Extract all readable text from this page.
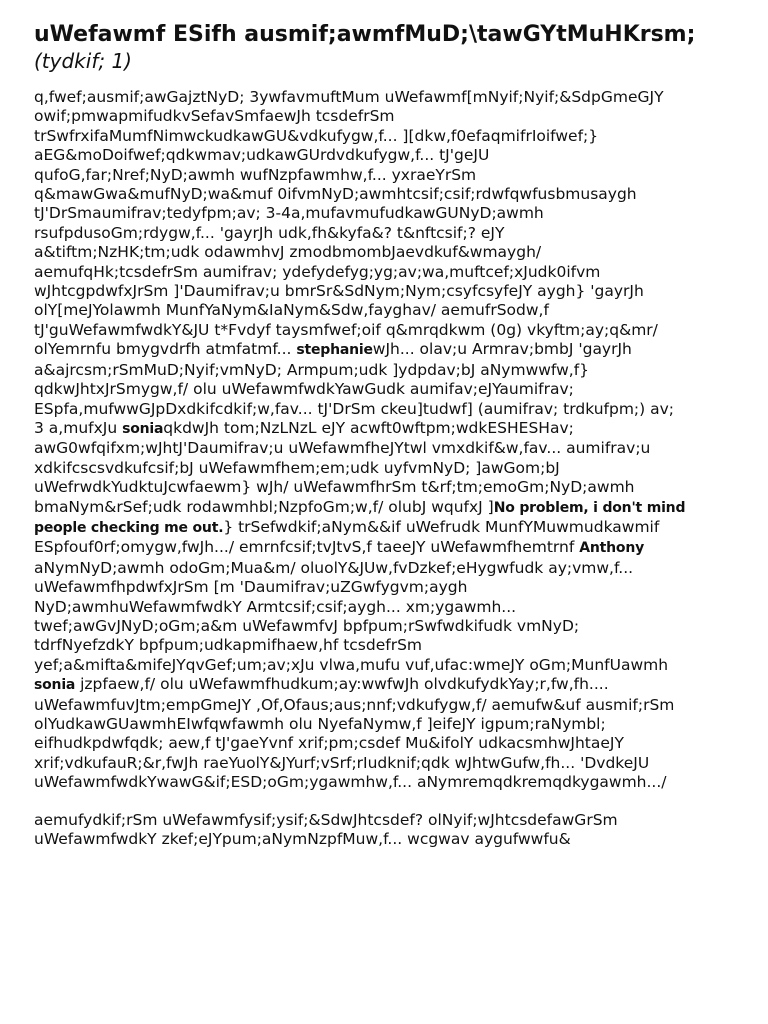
uWefawmf ESifh ausmif;awmfMuD;\tawGYtMuHKrsm;
(tydkif; 1)
q,fwef;ausmif;awGajztNyD; 3ywfavmuftMum uWefawmf[mNyif;Nyif;&SdpGmeGJY
owif;pmwapmifudkvSefavSmfaewJh tcsdefrSm
trSwfrxifaMumfNimwckudkawGU&vdkufygw,f... ][dkw,f0efaqmifrIoifwef;}
aEG&moDoifwef;qdkwmav;udkawGUrdvdkufygw,f... tJ'geJU
qufoG,far;Nref;NyD;awmh wufNzpfawmhw,f... yxraeYrSm
q&mawGwa&mufNyD;wa&muf 0ifvmNyD;awmhtcsif;csif;rdwfqwfusbmusaygh
tJ'DrSmaumifrav;tedyfpm;av; 3-4a,mufavmufudkawGUNyD;awmh
rsufpdusoGm;rdygw,f... 'gayrJh udk,fh&kyfa&? t&nftcsif;? eJY
a&tiftm;NzHK;tm;udk odawmhvJ zmodbmombJaevdkuf&wmaygh/
aemufqHk;tcsdefrSm aumifrav; ydefydefyg;yg;av;wa,muftcef;xJudk0ifvm
wJhtcgpdwfxJrSm ]'Daumifrav;u bmrSr&SdNym;Nym;csyfcsyfeJY aygh} 'gayrJh
olY[meJYolawmh MunfYaNym&IaNym&Sdw,fayghav/ aemufrSodw,f
tJ'guWefawmfwdkY&JU t*Fvdyf taysmfwef;oif q&mrqdkwm (0g) vkyftm;ay;q&mr/
olYemrnfu bmygvdrfh atmfatmf... stephaniewJh... olav;u Armrav;bmbJ 'gayrJh
a&ajrcsm;rSmMuD;Nyif;vmNyD; Armpum;udk ]ydpdav;bJ aNymwwfw,f}
qdkwJhtxJrSmygw,f/ olu uWefawmfwdkYawGudk aumifav;eJYaumifrav;
ESpfa,mufwwGJpDxdkifcdkif;w,fav... tJ'DrSm ckeu]tudwf] (aumifrav; trdkufpm;) av;
3 a,mufxJu soniaqkdwJh tom;NzLNzL eJY acwft0wftpm;wdkESHESHav;
awG0wfqifxm;wJhtJ'Daumifrav;u uWefawmfheJYtwl vmxdkif&w,fav... aumifrav;u
xdkifcscsvdkufcsif;bJ uWefawmfhem;em;udk uyfvmNyD; ]awGom;bJ
uWefrwdkYudktuJcwfaewm} wJh/ uWefawmfhrSm t&rf;tm;emoGm;NyD;awmh
bmaNym&rSef;udk rodawmhbl;NzpfoGm;w,f/ olubJ wqufxJ ]No problem, i don't mind
people checking me out.} trSefwdkif;aNym&&if uWefrudk MunfYMuwmudkawmif
ESpfouf0rf;omygw,fwJh.../ emrnfcsif;tvJtvS,f taeeJY uWefawmfhemtrnf Anthony
aNymNyD;awmh odoGm;Mua&m/ oluolY&JUw,fvDzkef;eHygwfudk ay;vmw,f...
uWefawmfhpdwfxJrSm [m 'Daumifrav;uZGwfygvm;aygh
NyD;awmhuWefawmfwdkY Armtcsif;csif;aygh... xm;ygawmh...
twef;awGvJNyD;oGm;a&m uWefawmfvJ bpfpum;rSwfwdkifudk vmNyD;
tdrfNyefzdkY bpfpum;udkapmifhaew,hf tcsdefrSm
yef;a&mifta&mifeJYqvGef;um;av;xJu vlwa,mufu vuf,ufac:wmeJY oGm;MunfUawmh
sonia jzpfaew,f/ olu uWefawmfhudkum;ay:wwfwJh olvdkufydkYay;r,fw,fh....
uWefawmfuvJtm;empGmeJY ,Of,Ofaus;aus;nnf;vdkufygw,f/ aemufw&uf ausmif;rSm
olYudkawGUawmhEIwfqwfawmh olu NyefaNymw,f ]eifeJY igpum;raNymbl;
eifhudkpdwfqdk; aew,f tJ'gaeYvnf xrif;pm;csdef Mu&ifolY udkacsmhwJhtaeJY
xrif;vdkufauR;&r,fwJh raeYuolY&JYurf;vSrf;rIudknif;qdk wJhtwGufw,fh... 'DvdkeJU
uWefawmfwdkYwawG&if;ESD;oGm;ygawmhw,f... aNymremqdkremqdkygawmh.../
aemufydkif;rSm uWefawmfysif;ysif;&SdwJhtcsdef? olNyif;wJhtcsdefawGrSm
uWefawmfwdkY zkef;eJYpum;aNymNzpfMuw,f... wcgwav aygufwwfu&
